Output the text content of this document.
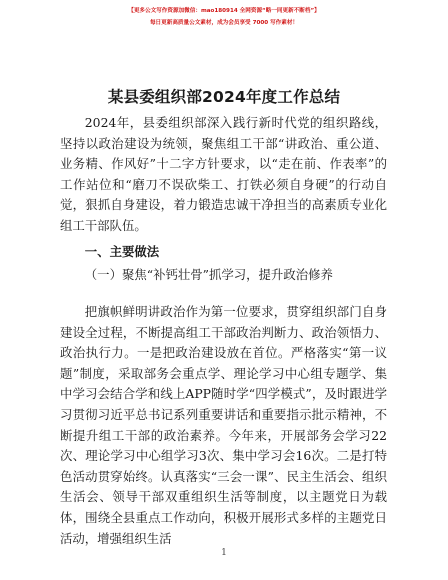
【更多公文写作资源加微信：mao180914 全网资源“略一同更新不断档”】
每日更新高质量公文素材，成为会员享受 7000 写作素材！
某县委组织部2024年度工作总结
2024年，县委组织部深入践行新时代党的组织路线，坚持以政治建设为统领，聚焦组工干部“讲政治、重公道、业务精、作风好”十二字方针要求，以“走在前、作表率”的工作站位和“磨刀不误砍柴工、打铁必须自身硬”的行动自觉，狠抓自身建设，着力锻造忠诚干净担当的高素质专业化组工干部队伍。
一、主要做法
（一）聚焦“补钙壮骨”抓学习，提升政治修养
把旗帜鲜明讲政治作为第一位要求，贯穿组织部门自身建设全过程，不断提高组工干部政治判断力、政治领悟力、政治执行力。一是把政治建设放在首位。严格落实“第一议题”制度，采取部务会重点学、理论学习中心组专题学、集中学习会结合学和线上APP随时学“四学模式”，及时跟进学习贯彻习近平总书记系列重要讲话和重要指示批示精神，不断提升组工干部的政治素养。今年来，开展部务会学习22次、理论学习中心组学习3次、集中学习会16次。二是打特色活动贯穿始终。认真落实“三会一课”、民主生活会、组织生活会、领导干部双重组织生活等制度，以主题党日为载体，围绕全县重点工作动向，积极开展形式多样的主题党日活动，增强组织生活
1
